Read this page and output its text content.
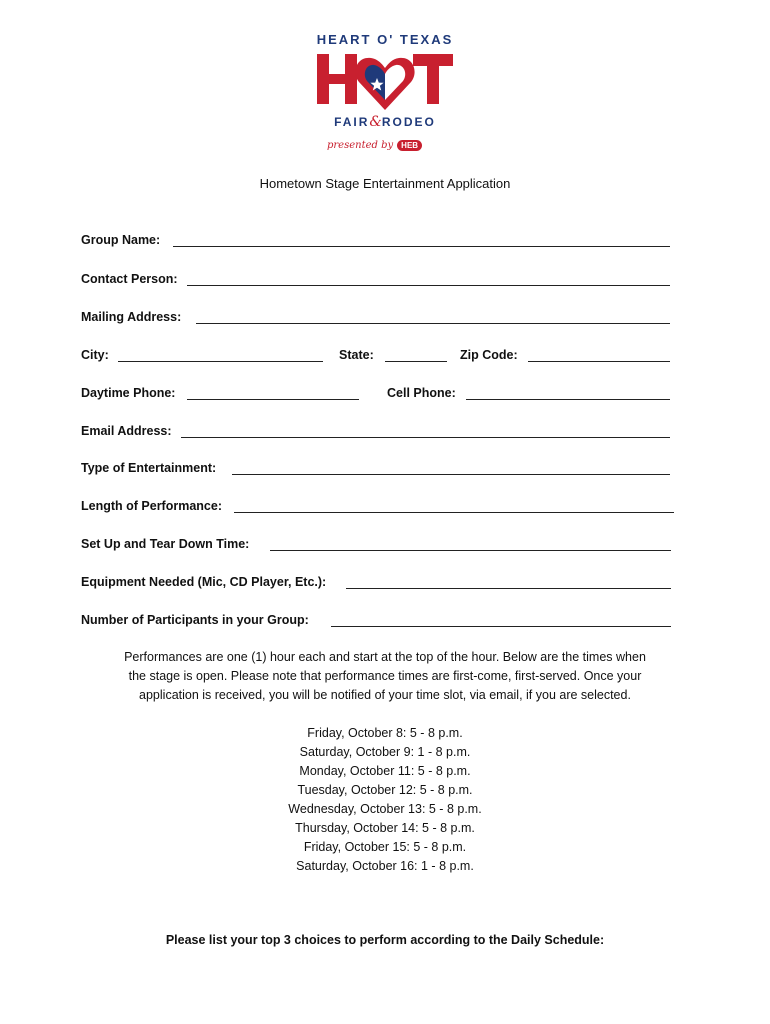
HEART O' TEXAS
FAIR&RODEO
presented by HEB
Hometown Stage Entertainment Application
Group Name:
Contact Person:
Mailing Address:
City:	State:	Zip Code:
Daytime Phone:	Cell Phone:
Email Address:
Type of Entertainment:
Length of Performance:
Set Up and Tear Down Time:
Equipment Needed (Mic, CD Player, Etc.):
Number of Participants in your Group:
Performances are one (1) hour each and start at the top of the hour. Below are the times when
the stage is open. Please note that performance times are first-come, first-served. Once your
application is received, you will be notified of your time slot, via email, if you are selected.
Friday, October 8: 5 - 8 p.m.
Saturday, October 9: 1 - 8 p.m.
Monday, October 11: 5 - 8 p.m.
Tuesday, October 12: 5 - 8 p.m.
Wednesday, October 13: 5 - 8 p.m.
Thursday, October 14: 5 - 8 p.m.
Friday, October 15: 5 - 8 p.m.
Saturday, October 16: 1 - 8 p.m.
Please list your top 3 choices to perform according to the Daily Schedule:
